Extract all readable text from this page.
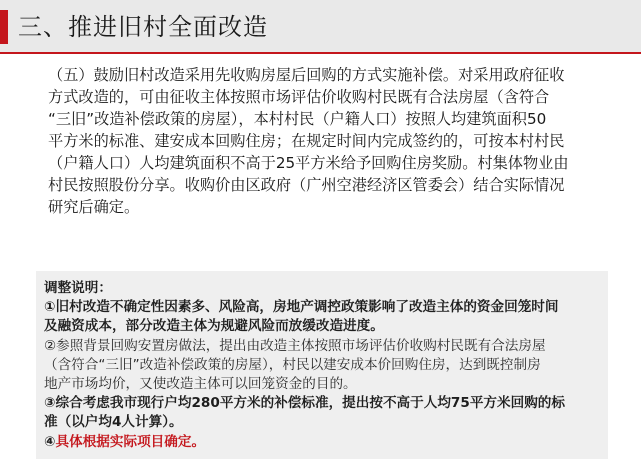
三、推进旧村全面改造
（五）鼓励旧村改造采用先收购房屋后回购的方式实施补偿。对采用政府征收
方式改造的，可由征收主体按照市场评估价收购村民既有合法房屋（含符合
“三旧”改造补偿政策的房屋），本村村民（户籍人口）按照人均建筑面积50
平方米的标准、建安成本回购住房；在规定时间内完成签约的，可按本村村民
（户籍人口）人均建筑面积不高于25平方米给予回购住房奖励。村集体物业由
村民按照股份分享。收购价由区政府（广州空港经济区管委会）结合实际情况
研究后确定。
调整说明：
①旧村改造不确定性因素多、风险高，房地产调控政策影响了改造主体的资金回笼时间
及融资成本，部分改造主体为规避风险而放缓改造进度。
②参照背景回购安置房做法，提出由改造主体按照市场评估价收购村民既有合法房屋
（含符合“三旧”改造补偿政策的房屋），村民以建安成本价回购住房，达到既控制房
地产市场均价，又使改造主体可以回笼资金的目的。
③综合考虑我市现行户均280平方米的补偿标准，提出按不高于人均75平方米回购的标
准（以户均4人计算）。
④具体根据实际项目确定。
